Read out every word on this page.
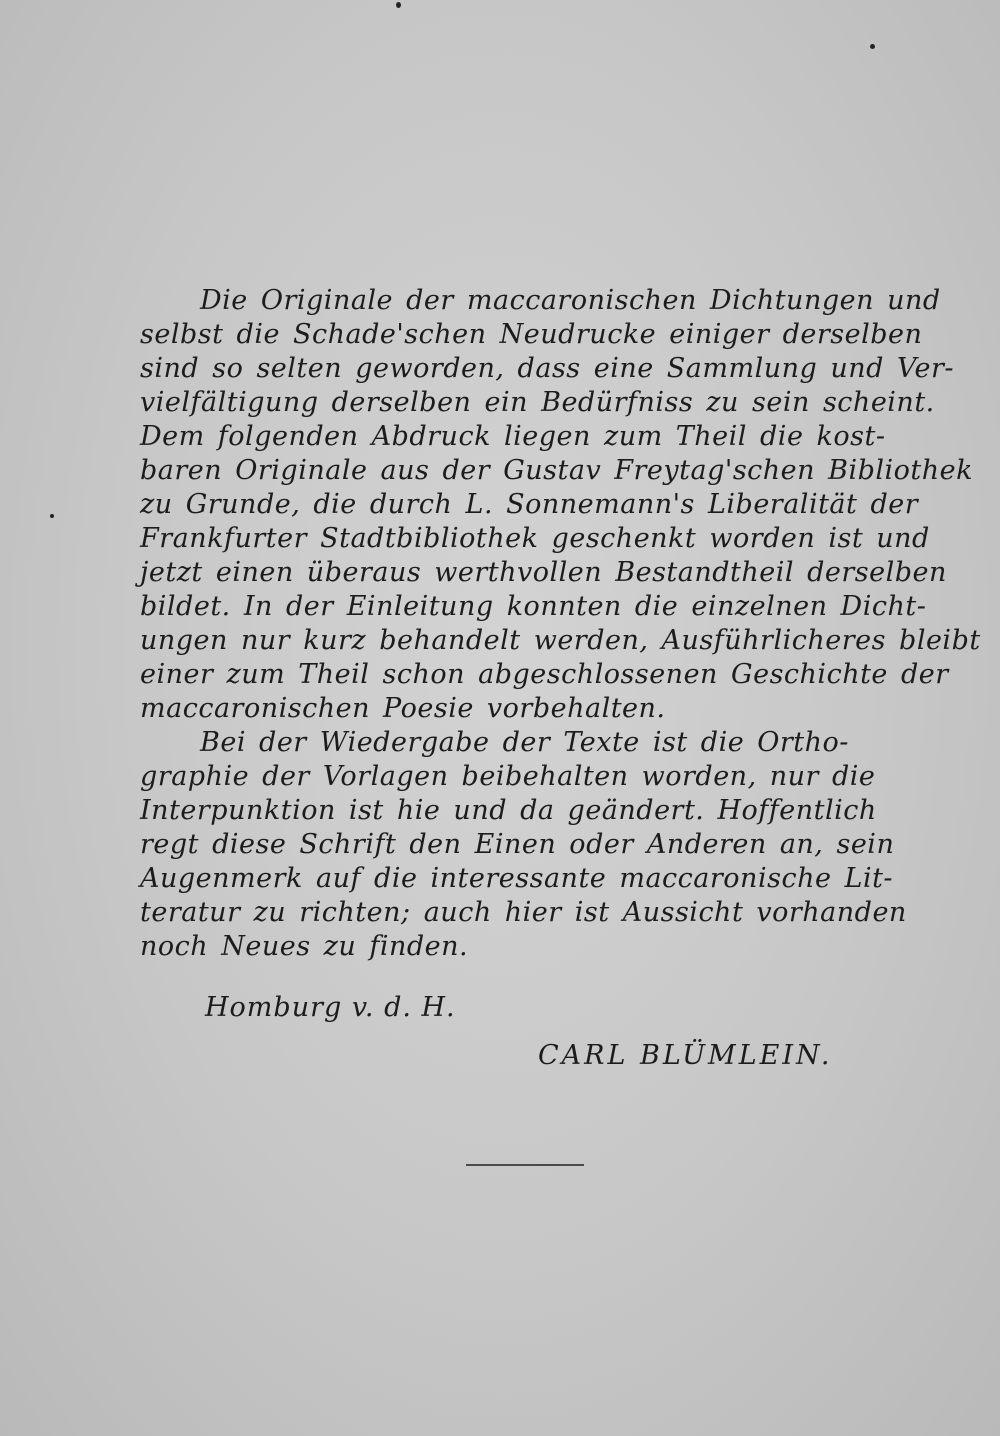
Die Originale der maccaronischen Dichtungen und
selbst die Schade'schen Neudrucke einiger derselben
sind so selten geworden, dass eine Sammlung und Ver-
vielfältigung derselben ein Bedürfniss zu sein scheint.
Dem folgenden Abdruck liegen zum Theil die kost-
baren Originale aus der Gustav Freytag'schen Bibliothek
zu Grunde, die durch L. Sonnemann's Liberalität der
Frankfurter Stadtbibliothek geschenkt worden ist und
jetzt einen überaus werthvollen Bestandtheil derselben
bildet. In der Einleitung konnten die einzelnen Dicht-
ungen nur kurz behandelt werden, Ausführlicheres bleibt
einer zum Theil schon abgeschlossenen Geschichte der
maccaronischen Poesie vorbehalten.
Bei der Wiedergabe der Texte ist die Ortho-
graphie der Vorlagen beibehalten worden, nur die
Interpunktion ist hie und da geändert. Hoffentlich
regt diese Schrift den Einen oder Anderen an, sein
Augenmerk auf die interessante maccaronische Lit-
teratur zu richten; auch hier ist Aussicht vorhanden
noch Neues zu finden.
Homburg v. d. H.
CARL BLÜMLEIN.
